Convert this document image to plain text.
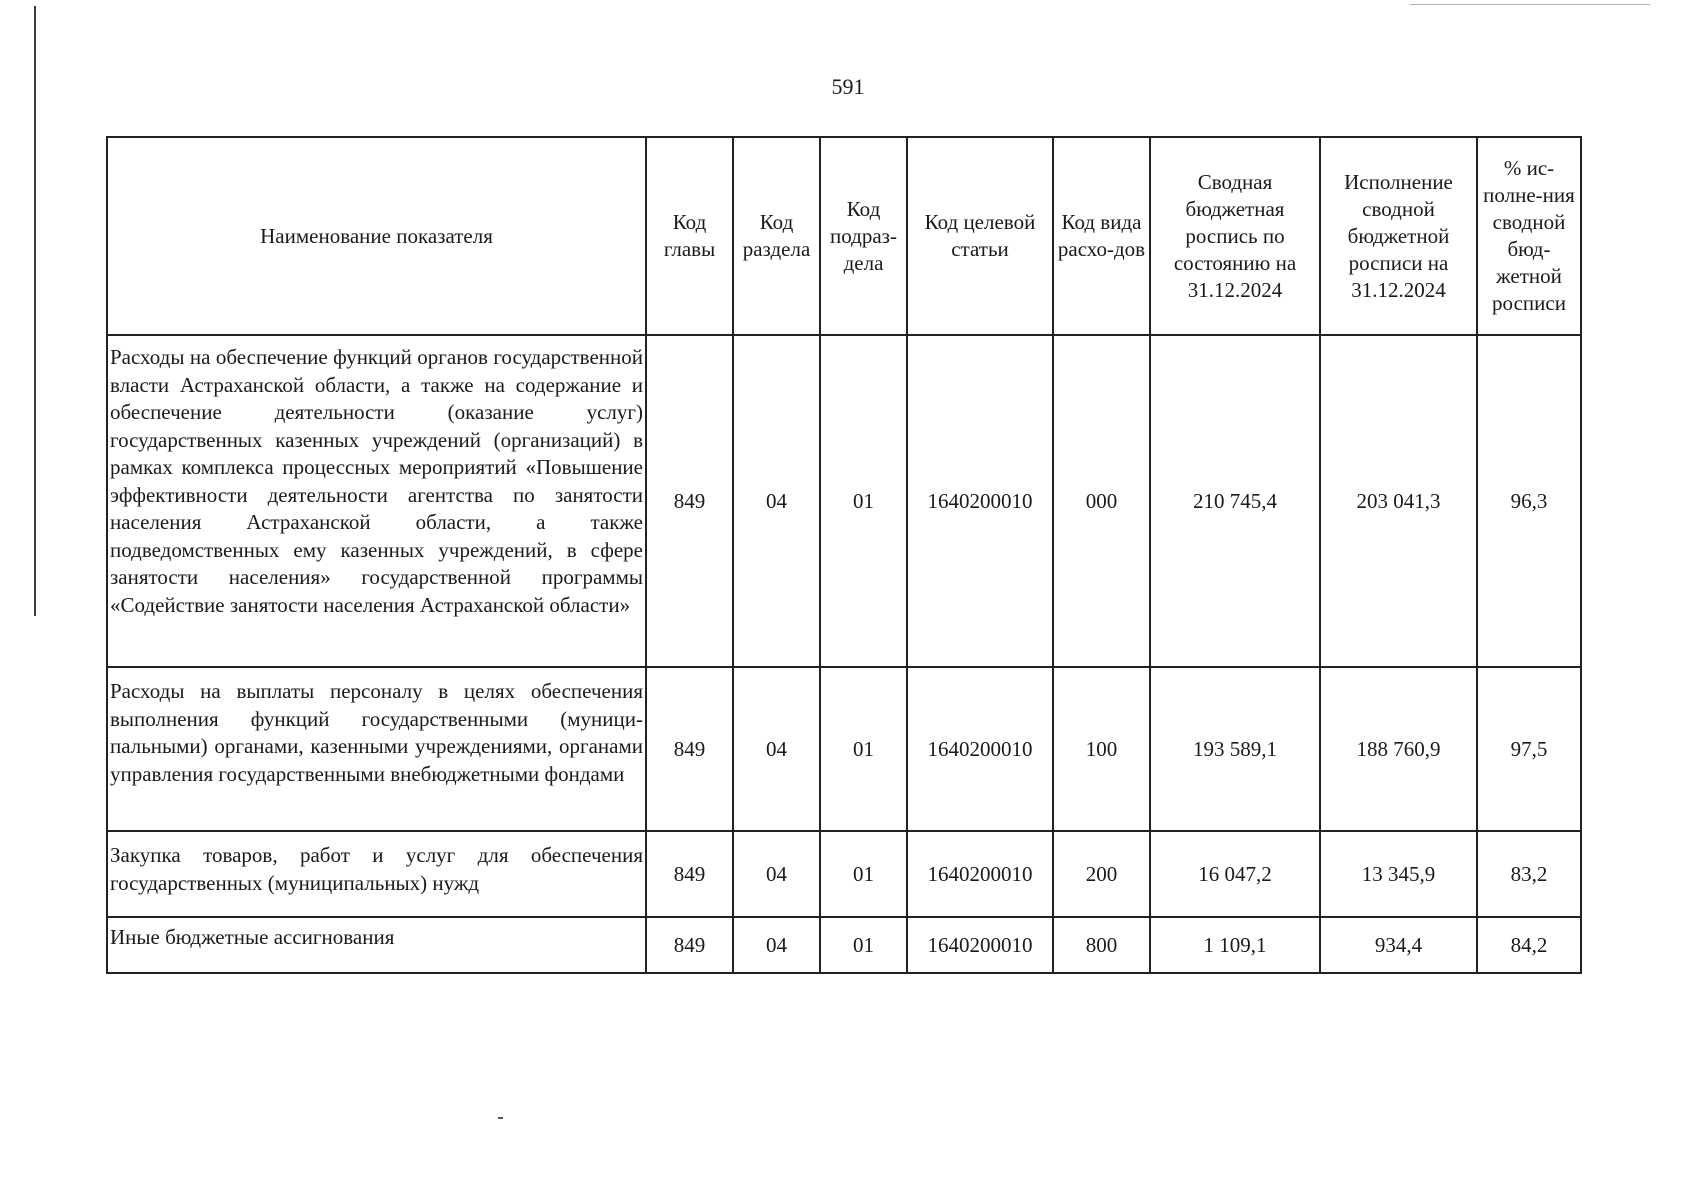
591
Наименование показателя	Код главы	Код раздела	Код подраз-дела	Код целевой статьи	Код вида расхо-дов	Сводная бюджетная роспись по состоянию на 31.12.2024	Исполнение сводной бюджетной росписи на 31.12.2024	% ис-полне-ния сводной бюд-жетной росписи
Расходы на обеспечение функций органов государственной власти Астраханской области, а также на содержание и обеспечение деятельности (оказание услуг) государственных казенных учреждений (организаций) в рамках комплекса процессных мероприятий «Повышение эффективности деятельности агентства по занятости населения Астраханской области, а также подведомственных ему казенных учреждений, в сфере занятости населения» государственной программы «Содействие занятости населения Астраханской области»	849	04	01	1640200010	000	210 745,4	203 041,3	96,3
Расходы на выплаты персоналу в целях обеспечения выполнения функций государственными (муниципальными) органами, казенными учреждениями, органами управления государственными внебюджетными фондами	849	04	01	1640200010	100	193 589,1	188 760,9	97,5
Закупка товаров, работ и услуг для обеспечения государственных (муниципальных) нужд	849	04	01	1640200010	200	16 047,2	13 345,9	83,2
Иные бюджетные ассигнования	849	04	01	1640200010	800	1 109,1	934,4	84,2
